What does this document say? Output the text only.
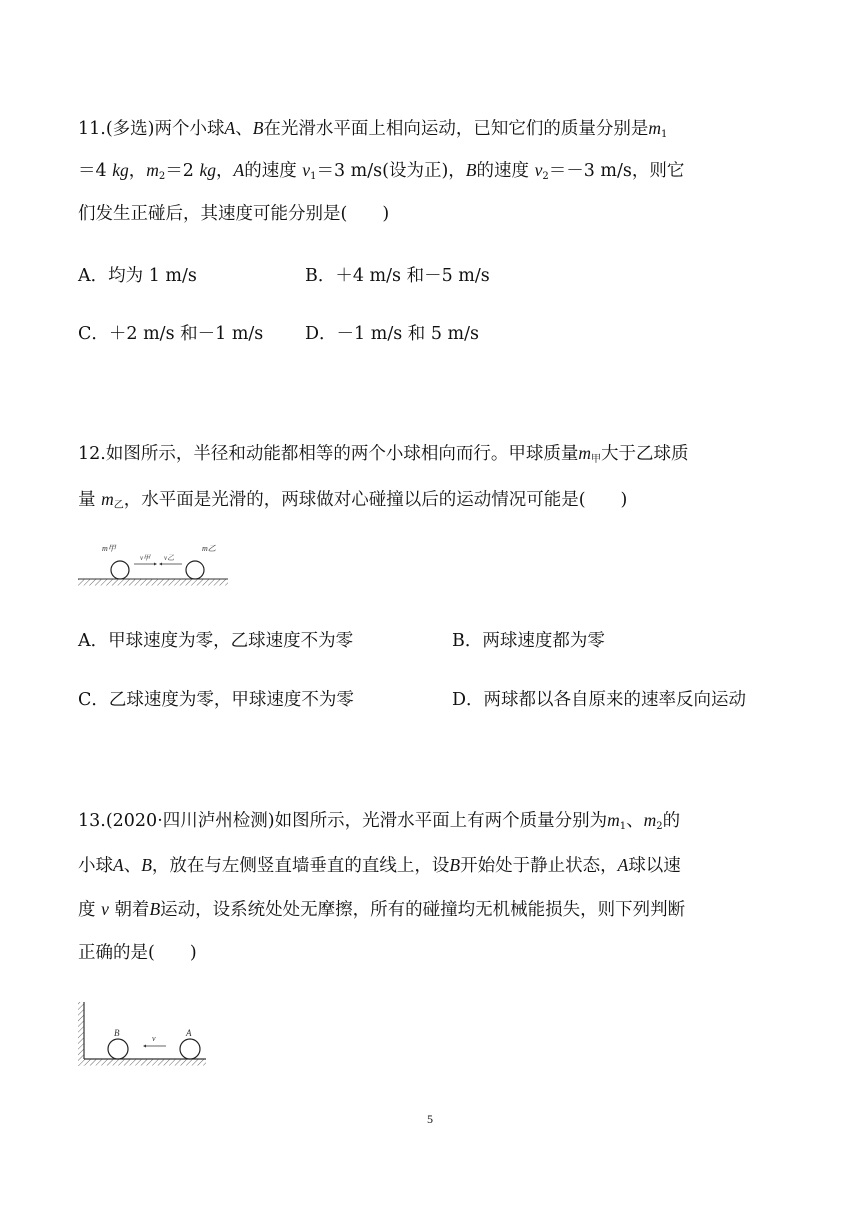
11.(多选)两个小球A、B在光滑水平面上相向运动，已知它们的质量分别是$m_1$
＝4 kg，$m_2=2$ kg，A的速度 $v_1=3$ m/s(设为正)，B的速度 $v_2=-3$ m/s，则它
们发生正碰后，其速度可能分别是(　　)
A．均为 1 m/s	B．＋4 m/s 和－5 m/s
C．＋2 m/s 和－1 m/s D．－1 m/s 和 5 m/s
12.如图所示，半径和动能都相等的两个小球相向而行。甲球质量$m_甲$大于乙球质
量 $m_乙$，水平面是光滑的，两球做对心碰撞以后的运动情况可能是(　　)
m甲
v甲 v乙
m乙
A．甲球速度为零，乙球速度不为零	B．两球速度都为零
C．乙球速度为零，甲球速度不为零	D．两球都以各自原来的速率反向运动
13.(2020·四川泸州检测)如图所示，光滑水平面上有两个质量分别为$m_1$、$m_2$的
小球A、B，放在与左侧竖直墙垂直的直线上，设B开始处于静止状态，A球以速
度 v 朝着B运动，设系统处处无摩擦，所有的碰撞均无机械能损失，则下列判断
正确的是(　　)
B
v
A
5
